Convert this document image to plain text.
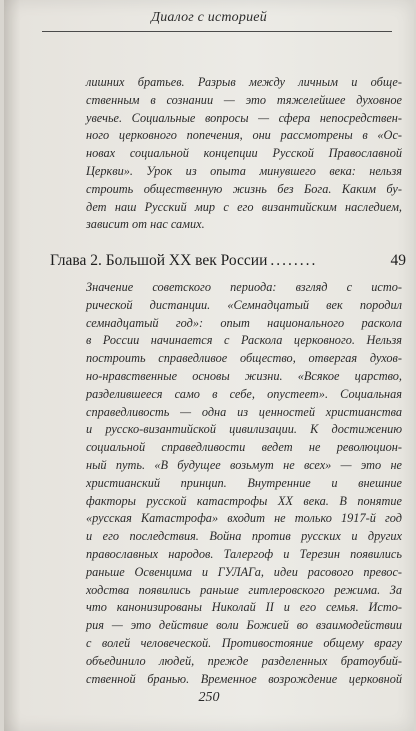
Диалог с историей
лишних братьев. Разрыв между личным и обще-
ственным в сознании — это тяжелейшее духовное
увечье. Социальные вопросы — сфера непосредствен-
ного церковного попечения, они рассмотрены в «Ос-
новах социальной концепции Русской Православной
Церкви». Урок из опыта минувшего века: нельзя
строить общественную жизнь без Бога. Каким бу-
дет наш Русский мир с его византийским наследием,
зависит от нас самих.
Глава 2. Большой XX век России ........	49
Значение советского периода: взгляд с исто-
рической дистанции. «Семнадцатый век породил
семнадцатый год»: опыт национального раскола
в России начинается с Раскола церковного. Нельзя
построить справедливое общество, отвергая духов-
но-нравственные основы жизни. «Всякое царство,
разделившееся само в себе, опустеет». Социальная
справедливость — одна из ценностей христианства
и русско-византийской цивилизации. К достижению
социальной справедливости ведет не революцион-
ный путь. «В будущее возьмут не всех» — это не
христианский принцип. Внутренние и внешние
факторы русской катастрофы XX века. В понятие
«русская Катастрофа» входит не только 1917-й год
и его последствия. Война против русских и других
православных народов. Талергоф и Терезин появились
раньше Освенцима и ГУЛАГа, идеи расового превос-
ходства появились раньше гитлеровского режима. За
что канонизированы Николай II и его семья. Исто-
рия — это действие воли Божией во взаимодействии
с волей человеческой. Противостояние общему врагу
объединило людей, прежде разделенных братоубий-
ственной бранью. Временное возрождение церковной
250
